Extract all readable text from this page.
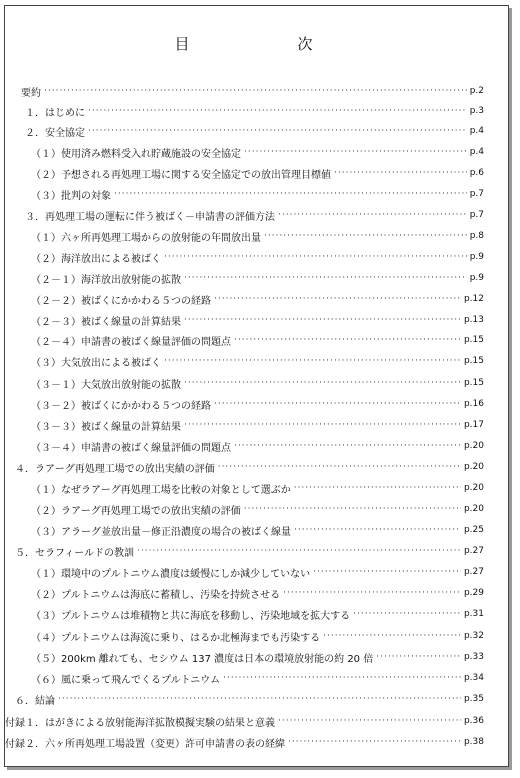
目　　次
要約 ·····	p.2
１．はじめに ·····	p.3
２．安全協定 ·····	p.4
（１）使用済み燃料受入れ貯蔵施設の安全協定 ·····	p.4
（２）予想される再処理工場に関する安全協定での放出管理目標値 ·····	p.6
（３）批判の対象 ·····	p.7
３．再処理工場の運転に伴う被ばく－申請書の評価方法 ·····	p.7
（１）六ヶ所再処理工場からの放射能の年間放出量 ·····	p.8
（２）海洋放出による被ばく ·····	p.9
（２－１）海洋放出放射能の拡散 ·····	p.9
（２－２）被ばくにかかわる５つの経路 ·····	p.12
（２－３）被ばく線量の計算結果 ·····	p.13
（２－４）申請書の被ばく線量評価の問題点 ·····	p.15
（３）大気放出による被ばく ·····	p.15
（３－１）大気放出放射能の拡散 ·····	p.15
（３－２）被ばくにかかわる５つの経路 ·····	p.16
（３－３）被ばく線量の計算結果 ·····	p.17
（３－４）申請書の被ばく線量評価の問題点 ·····	p.20
４．ラアーグ再処理工場での放出実績の評価 ·····	p.20
（１）なぜラアーグ再処理工場を比較の対象として選ぶか ·····	p.20
（２）ラアーグ再処理工場での放出実績の評価 ·····	p.20
（３）アラーグ並放出量－修正沿濃度の場合の被ばく線量 ·····	p.25
５．セラフィールドの教訓 ·····	p.27
（１）環境中のプルトニウム濃度は緩慢にしか減少していない ·····	p.27
（２）プルトニウムは海底に蓄積し、汚染を持続させる ·····	p.29
（３）プルトニウムは堆積物と共に海底を移動し、汚染地域を拡大する ·····	p.31
（４）プルトニウムは海流に乗り、はるか北極海までも汚染する ·····	p.32
（５）200km 離れても、セシウム 137 濃度は日本の環境放射能の約 20 倍 ·····	p.33
（６）風に乗って飛んでくるプルトニウム ·····	p.34
６．結論 ·····	p.35
付録１．はがきによる放射能海洋拡散模擬実験の結果と意義 ·····	p.36
付録２．六ヶ所再処理工場設置（変更）許可申請書の表の経緯 ·····	p.38
